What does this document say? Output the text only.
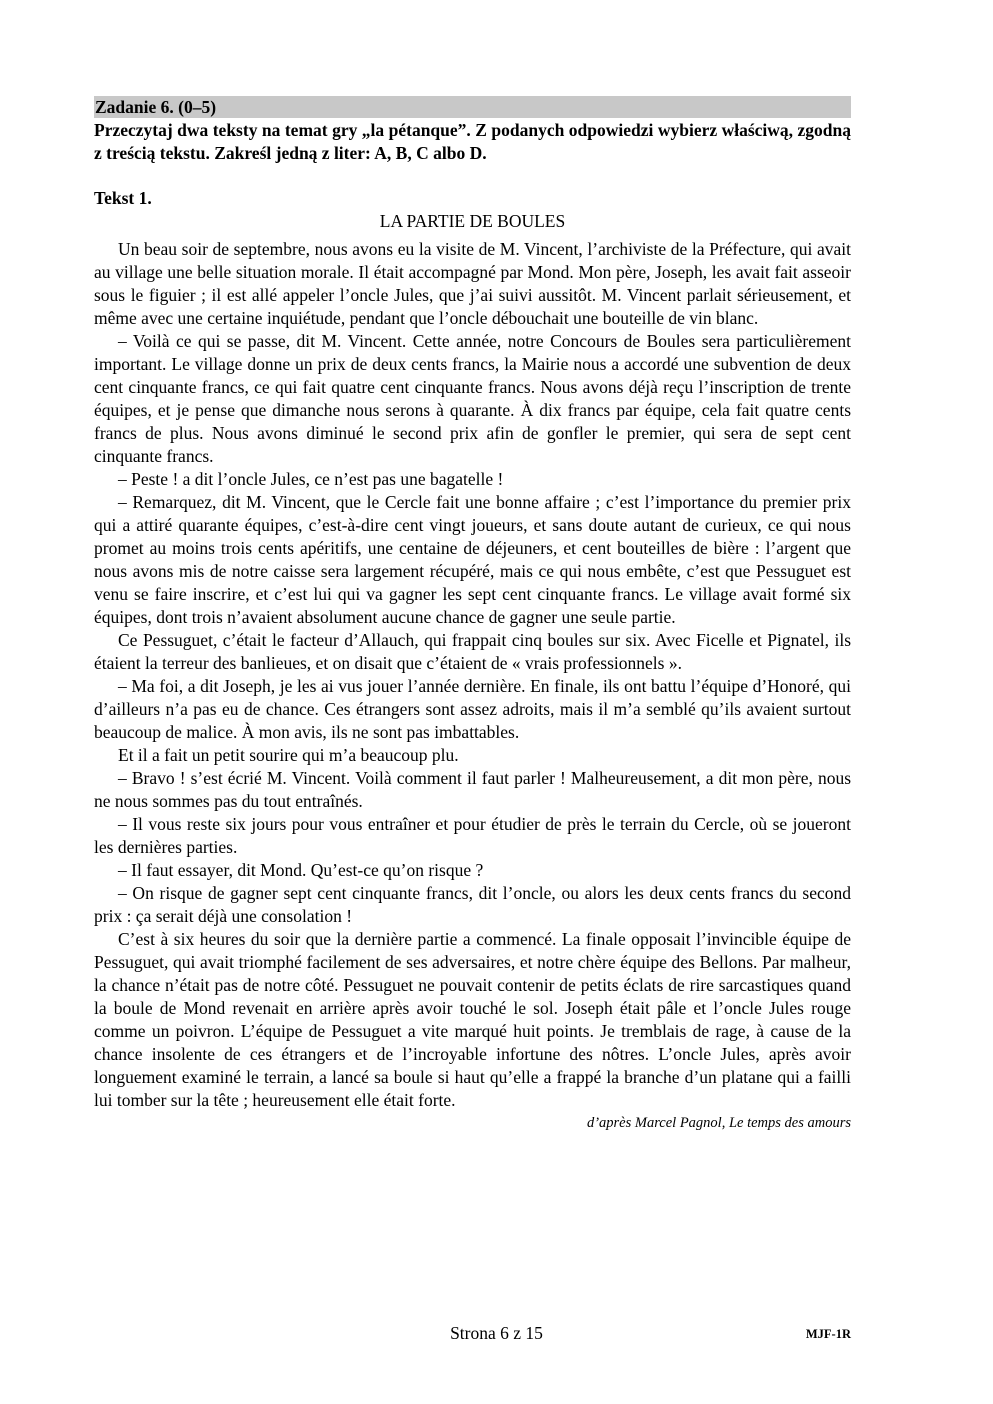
Zadanie 6. (0–5)
Przeczytaj dwa teksty na temat gry „la pétanque”. Z podanych odpowiedzi wybierz właściwą, zgodną z treścią tekstu. Zakreśl jedną z liter: A, B, C albo D.
Tekst 1.
LA PARTIE DE BOULES

Un beau soir de septembre, nous avons eu la visite de M. Vincent, l’archiviste de la Préfecture, qui avait au village une belle situation morale. Il était accompagné par Mond. Mon père, Joseph, les avait fait asseoir sous le figuier ; il est allé appeler l’oncle Jules, que j’ai suivi aussitôt. M. Vincent parlait sérieusement, et même avec une certaine inquiétude, pendant que l’oncle débouchait une bouteille de vin blanc.

– Voilà ce qui se passe, dit M. Vincent. Cette année, notre Concours de Boules sera particulièrement important. Le village donne un prix de deux cents francs, la Mairie nous a accordé une subvention de deux cent cinquante francs, ce qui fait quatre cent cinquante francs. Nous avons déjà reçu l’inscription de trente équipes, et je pense que dimanche nous serons à quarante. À dix francs par équipe, cela fait quatre cents francs de plus. Nous avons diminué le second prix afin de gonfler le premier, qui sera de sept cent cinquante francs.

– Peste ! a dit l’oncle Jules, ce n’est pas une bagatelle !

– Remarquez, dit M. Vincent, que le Cercle fait une bonne affaire ; c’est l’importance du premier prix qui a attiré quarante équipes, c’est-à-dire cent vingt joueurs, et sans doute autant de curieux, ce qui nous promet au moins trois cents apéritifs, une centaine de déjeuners, et cent bouteilles de bière : l’argent que nous avons mis de notre caisse sera largement récupéré, mais ce qui nous embête, c’est que Pessuguet est venu se faire inscrire, et c’est lui qui va gagner les sept cent cinquante francs. Le village avait formé six équipes, dont trois n’avaient absolument aucune chance de gagner une seule partie.

Ce Pessuguet, c’était le facteur d’Allauch, qui frappait cinq boules sur six. Avec Ficelle et Pignatel, ils étaient la terreur des banlieues, et on disait que c’étaient de « vrais professionnels ».

– Ma foi, a dit Joseph, je les ai vus jouer l’année dernière. En finale, ils ont battu l’équipe d’Honoré, qui d’ailleurs n’a pas eu de chance. Ces étrangers sont assez adroits, mais il m’a semblé qu’ils avaient surtout beaucoup de malice. À mon avis, ils ne sont pas imbattables.

Et il a fait un petit sourire qui m’a beaucoup plu.

– Bravo ! s’est écrié M. Vincent. Voilà comment il faut parler ! Malheureusement, a dit mon père, nous ne nous sommes pas du tout entraînés.

– Il vous reste six jours pour vous entraîner et pour étudier de près le terrain du Cercle, où se joueront les dernières parties.

– Il faut essayer, dit Mond. Qu’est-ce qu’on risque ?

– On risque de gagner sept cent cinquante francs, dit l’oncle, ou alors les deux cents francs du second prix : ça serait déjà une consolation !

C’est à six heures du soir que la dernière partie a commencé. La finale opposait l’invincible équipe de Pessuguet, qui avait triomphé facilement de ses adversaires, et notre chère équipe des Bellons. Par malheur, la chance n’était pas de notre côté. Pessuguet ne pouvait contenir de petits éclats de rire sarcastiques quand la boule de Mond revenait en arrière après avoir touché le sol. Joseph était pâle et l’oncle Jules rouge comme un poivron. L’équipe de Pessuguet a vite marqué huit points. Je tremblais de rage, à cause de la chance insolente de ces étrangers et de l’incroyable infortune des nôtres. L’oncle Jules, après avoir longuement examiné le terrain, a lancé sa boule si haut qu’elle a frappé la branche d’un platane qui a failli lui tomber sur la tête ; heureusement elle était forte.

d’après Marcel Pagnol, Le temps des amours
Strona 6 z 15	MJF-1R
